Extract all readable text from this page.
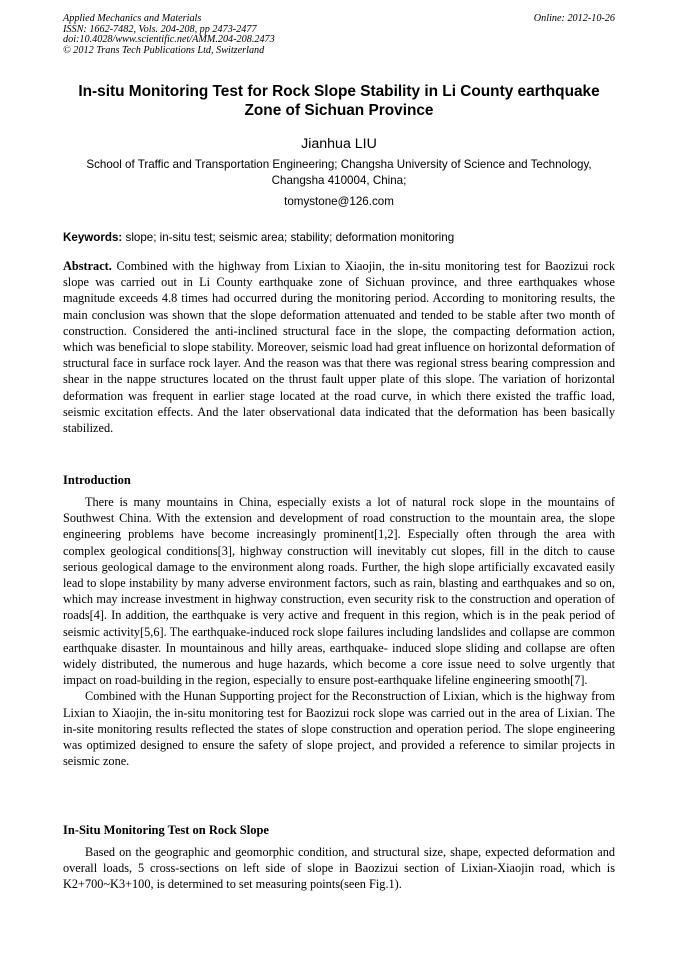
Applied Mechanics and Materials
ISSN: 1662-7482, Vols. 204-208, pp 2473-2477
doi:10.4028/www.scientific.net/AMM.204-208.2473
© 2012 Trans Tech Publications Ltd, Switzerland
Online: 2012-10-26
In-situ Monitoring Test for Rock Slope Stability in Li County earthquake Zone of Sichuan Province
Jianhua LIU
School of Traffic and Transportation Engineering; Changsha University of Science and Technology, Changsha 410004, China;
tomystone@126.com
Keywords: slope; in-situ test; seismic area; stability; deformation monitoring

Abstract. Combined with the highway from Lixian to Xiaojin, the in-situ monitoring test for Baozizui rock slope was carried out in Li County earthquake zone of Sichuan province, and three earthquakes whose magnitude exceeds 4.8 times had occurred during the monitoring period. According to monitoring results, the main conclusion was shown that the slope deformation attenuated and tended to be stable after two month of construction. Considered the anti-inclined structural face in the slope, the compacting deformation action, which was beneficial to slope stability. Moreover, seismic load had great influence on horizontal deformation of structural face in surface rock layer. And the reason was that there was regional stress bearing compression and shear in the nappe structures located on the thrust fault upper plate of this slope. The variation of horizontal deformation was frequent in earlier stage located at the road curve, in which there existed the traffic load, seismic excitation effects. And the later observational data indicated that the deformation has been basically stabilized.

Introduction

There is many mountains in China, especially exists a lot of natural rock slope in the mountains of Southwest China. With the extension and development of road construction to the mountain area, the slope engineering problems have become increasingly prominent[1,2]. Especially often through the area with complex geological conditions[3], highway construction will inevitably cut slopes, fill in the ditch to cause serious geological damage to the environment along roads. Further, the high slope artificially excavated easily lead to slope instability by many adverse environment factors, such as rain, blasting and earthquakes and so on, which may increase investment in highway construction, even security risk to the construction and operation of roads[4]. In addition, the earthquake is very active and frequent in this region, which is in the peak period of seismic activity[5,6]. The earthquake-induced rock slope failures including landslides and collapse are common earthquake disaster. In mountainous and hilly areas, earthquake- induced slope sliding and collapse are often widely distributed, the numerous and huge hazards, which become a core issue need to solve urgently that impact on road-building in the region, especially to ensure post-earthquake lifeline engineering smooth[7].

Combined with the Hunan Supporting project for the Reconstruction of Lixian, which is the highway from Lixian to Xiaojin, the in-situ monitoring test for Baozizui rock slope was carried out in the area of Lixian. The in-site monitoring results reflected the states of slope construction and operation period. The slope engineering was optimized designed to ensure the safety of slope project, and provided a reference to similar projects in seismic zone.

In-Situ Monitoring Test on Rock Slope

Based on the geographic and geomorphic condition, and structural size, shape, expected deformation and overall loads, 5 cross-sections on left side of slope in Baozizui section of Lixian-Xiaojin road, which is K2+700~K3+100, is determined to set measuring points(seen Fig.1).
